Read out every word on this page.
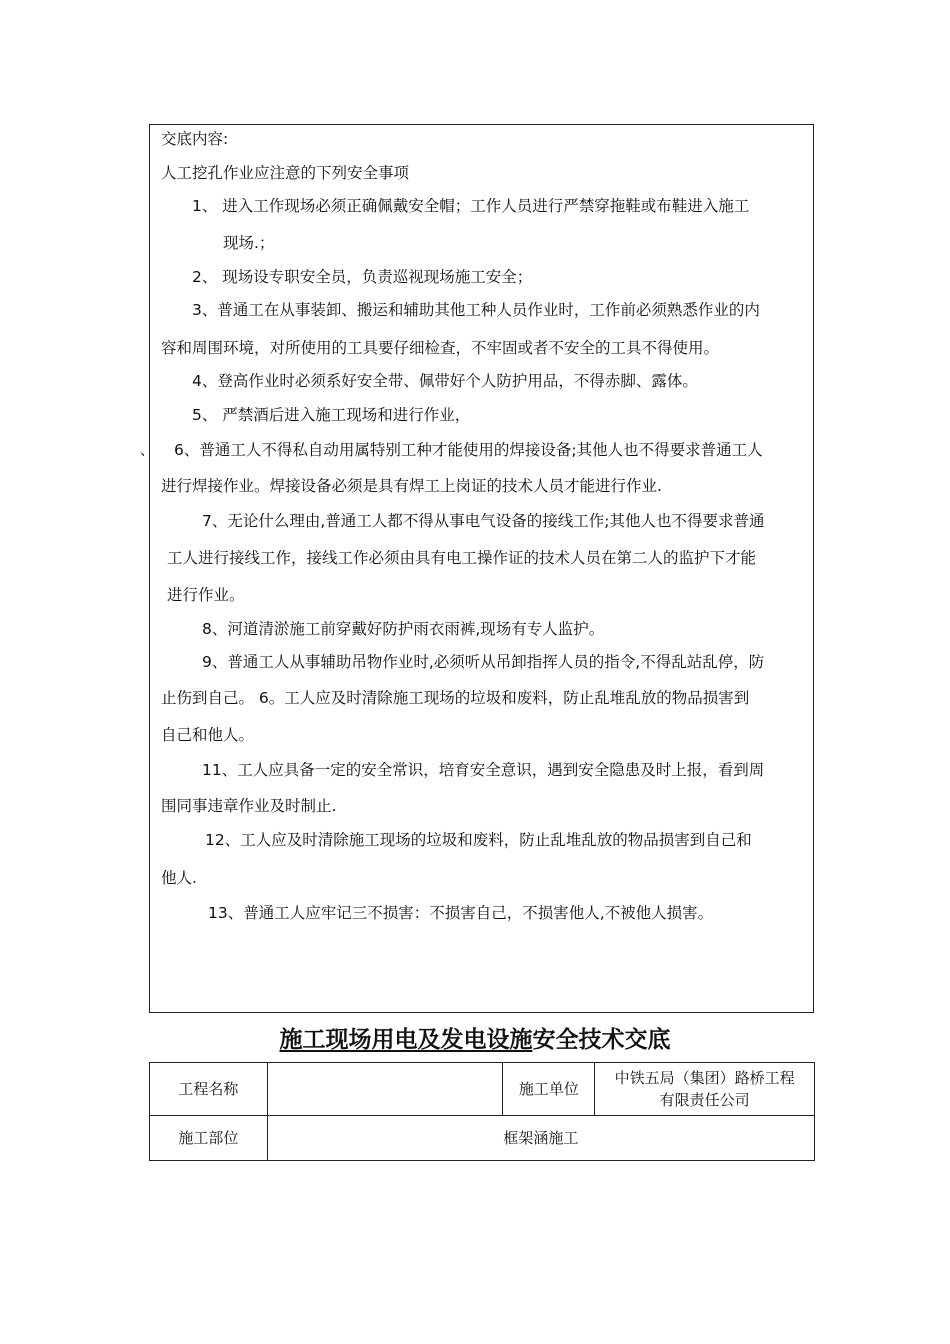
交底内容:
人工挖孔作业应注意的下列安全事项
1、 进入工作现场必须正确佩戴安全帽；工作人员进行严禁穿拖鞋或布鞋进入施工
现场.；
2、 现场设专职安全员，负责巡视现场施工安全；
3、普通工在从事装卸、搬运和辅助其他工种人员作业时，工作前必须熟悉作业的内
容和周围环境，对所使用的工具要仔细检查，不牢固或者不安全的工具不得使用。
4、登高作业时必须系好安全带、佩带好个人防护用品，不得赤脚、露体。
5、 严禁酒后进入施工现场和进行作业，
6、普通工人不得私自动用属特别工种才能使用的焊接设备;其他人也不得要求普通工人
进行焊接作业。焊接设备必须是具有焊工上岗证的技术人员才能进行作业.
7、无论什么理由,普通工人都不得从事电气设备的接线工作;其他人也不得要求普通
工人进行接线工作，接线工作必须由具有电工操作证的技术人员在第二人的监护下才能
进行作业。
8、河道清淤施工前穿戴好防护雨衣雨裤,现场有专人监护。
9、普通工人从事辅助吊物作业时,必须听从吊卸指挥人员的指令,不得乱站乱停，防
止伤到自己。 6。工人应及时清除施工现场的垃圾和废料，防止乱堆乱放的物品损害到
自己和他人。
11、工人应具备一定的安全常识，培育安全意识，遇到安全隐患及时上报，看到周
围同事违章作业及时制止.
12、工人应及时清除施工现场的垃圾和废料，防止乱堆乱放的物品损害到自己和
他人.
13、普通工人应牢记三不损害：不损害自己，不损害他人,不被他人损害。
、
施工现场用电及发电设施安全技术交底
工程名称		施工单位	中铁五局（集团）路桥工程
有限责任公司

施工部位	框架涵施工		
